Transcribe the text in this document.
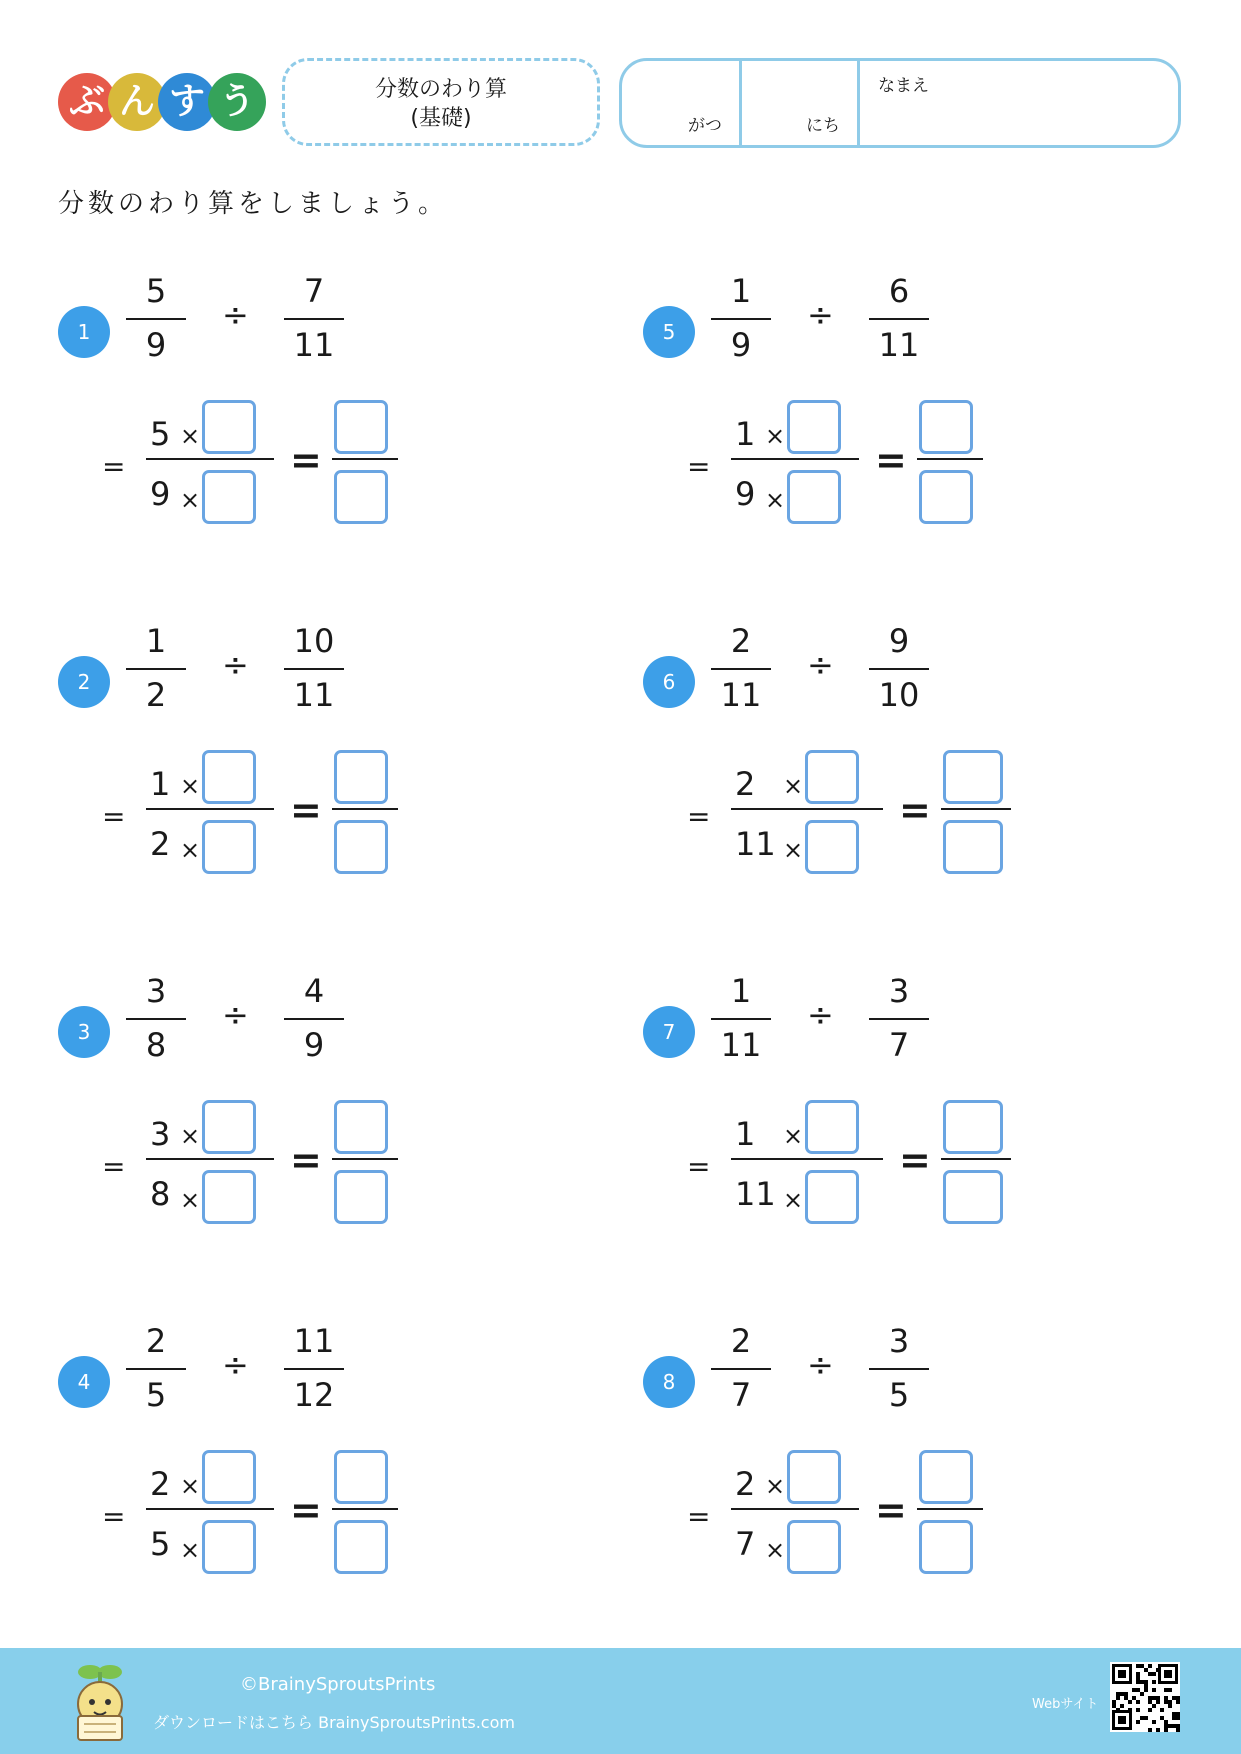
ぶ ん す う	分数のわり算
(基礎)	がつ	にち
なまえ
分数のわり算をしましょう。
1
5
9
÷
7
11
=
5 ×
9 ×
=
2
1
2
÷
10
11
=
1 ×
2 ×
=
3
3
8
÷
4
9
=
3 ×
8 ×
=
4
2
5
÷
11
12
=
2 ×
5 ×
=
5
1
9
÷
6
11
=
1 ×
9 ×
=
6
2
11
÷
9
10
=
2 ×
11 ×
=
7
1
11
÷
3
7
=
1 ×
11 ×
=
8
2
7
÷
3
5
=
2 ×
7 ×
=
©BrainySproutsPrints
ダウンロードはこちら BrainySproutsPrints.com
Webサイト
